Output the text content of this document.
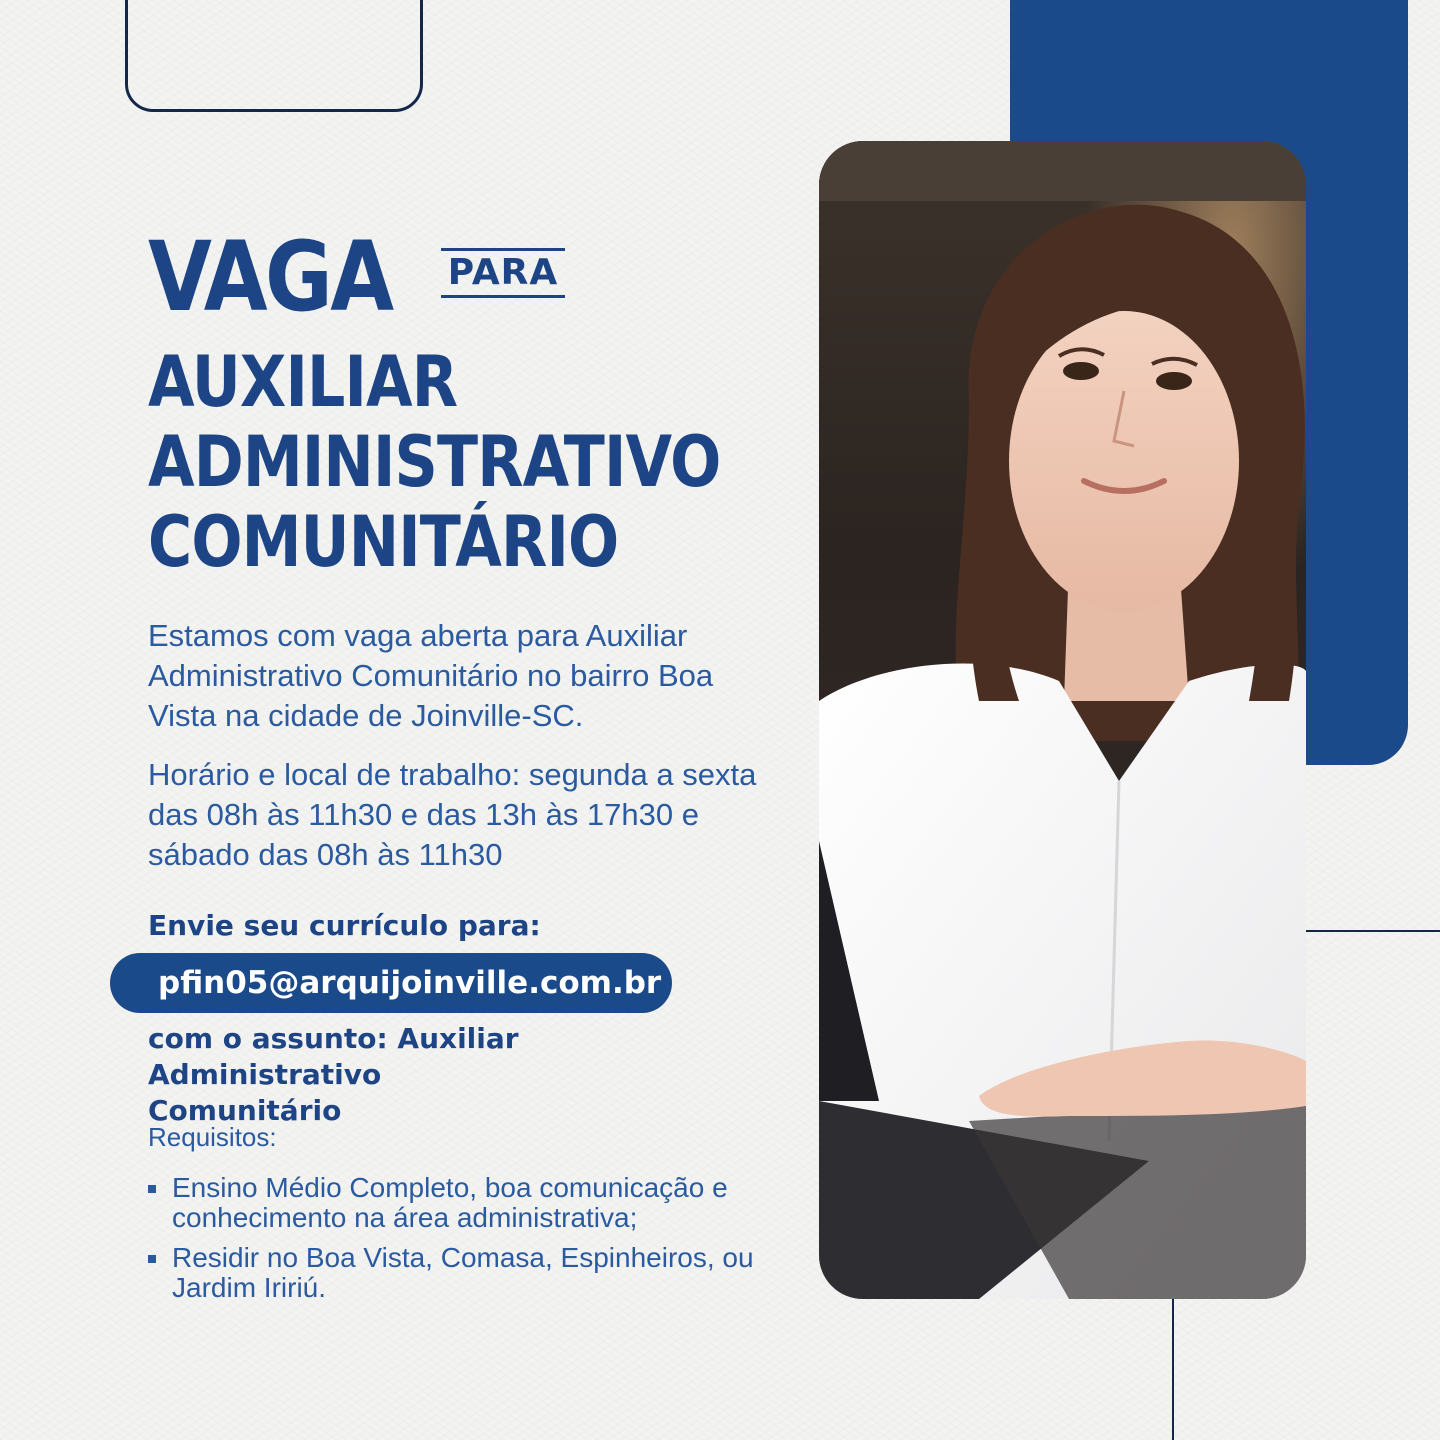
VAGA PARA
AUXILIAR
ADMINISTRATIVO
COMUNITÁRIO
Estamos com vaga aberta para Auxiliar Administrativo Comunitário no bairro Boa Vista na cidade de Joinville-SC.
Horário e local de trabalho: segunda a sexta das 08h às 11h30 e das 13h às 17h30 e sábado das 08h às 11h30
Envie seu currículo para:
pfin05@arquijoinville.com.br
com o assunto: Auxiliar Administrativo Comunitário
Requisitos:
Ensino Médio Completo, boa comunicação e conhecimento na área administrativa;
Residir no Boa Vista, Comasa, Espinheiros, ou Jardim Iririú.
